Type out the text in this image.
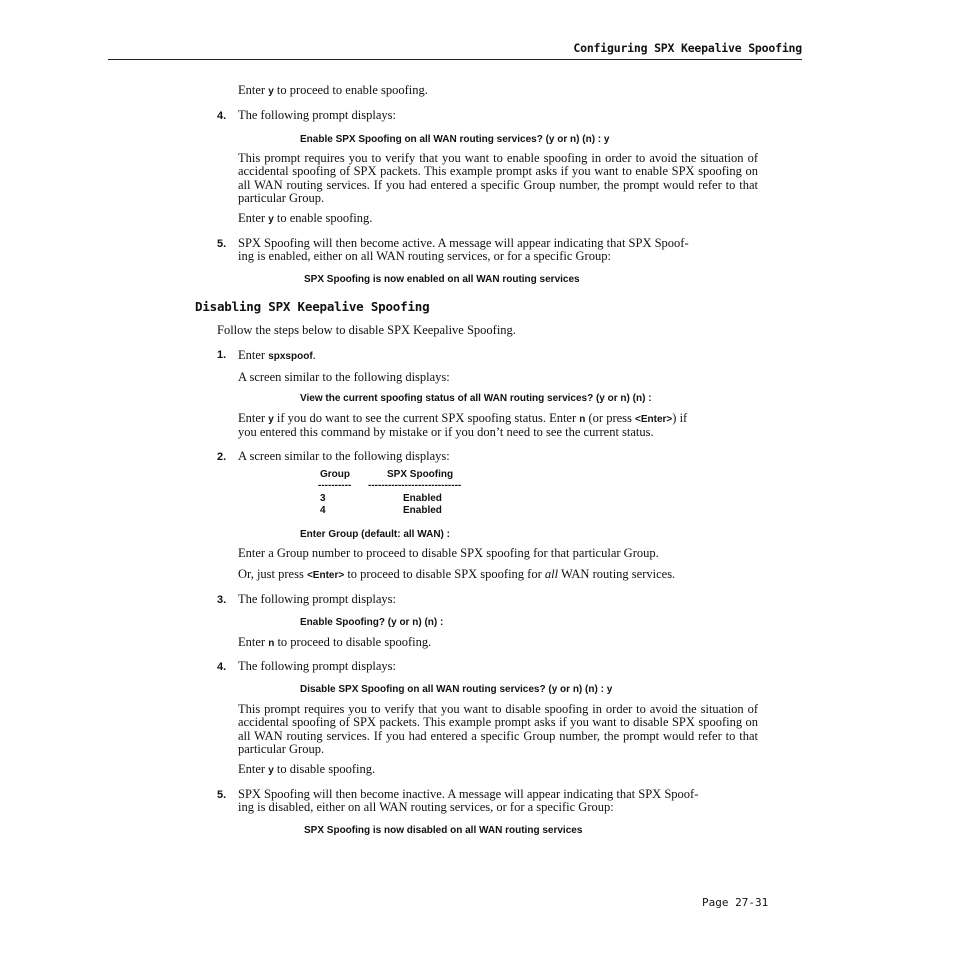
Configuring SPX Keepalive Spoofing
Enter y to proceed to enable spoofing.
4. The following prompt displays:
Enable SPX Spoofing on all WAN routing services? (y or n) (n) : y
This prompt requires you to verify that you want to enable spoofing in order to avoid the situation of accidental spoofing of SPX packets. This example prompt asks if you want to enable SPX spoofing on all WAN routing services. If you had entered a specific Group number, the prompt would refer to that particular Group.
Enter y to enable spoofing.
5. SPX Spoofing will then become active. A message will appear indicating that SPX Spoof-
ing is enabled, either on all WAN routing services, or for a specific Group:
SPX Spoofing is now enabled on all WAN routing services
Disabling SPX Keepalive Spoofing
Follow the steps below to disable SPX Keepalive Spoofing.
1. Enter spxspoof.
A screen similar to the following displays:
View the current spoofing status of all WAN routing services? (y or n) (n) :
Enter y if you do want to see the current SPX spoofing status. Enter n (or press <Enter>) if
you entered this command by mistake or if you don’t need to see the current status.
2. A screen similar to the following displays:
Group	SPX Spoofing
---------- ----------------------------
3	Enabled
4	Enabled
Enter Group (default: all WAN) :
Enter a Group number to proceed to disable SPX spoofing for that particular Group.
Or, just press <Enter> to proceed to disable SPX spoofing for all WAN routing services.
3. The following prompt displays:
Enable Spoofing? (y or n) (n) :
Enter n to proceed to disable spoofing.
4. The following prompt displays:
Disable SPX Spoofing on all WAN routing services? (y or n) (n) : y
This prompt requires you to verify that you want to disable spoofing in order to avoid the situation of accidental spoofing of SPX packets. This example prompt asks if you want to disable SPX spoofing on all WAN routing services. If you had entered a specific Group number, the prompt would refer to that particular Group.
Enter y to disable spoofing.
5. SPX Spoofing will then become inactive. A message will appear indicating that SPX Spoof-
ing is disabled, either on all WAN routing services, or for a specific Group:
SPX Spoofing is now disabled on all WAN routing services
Page 27-31
